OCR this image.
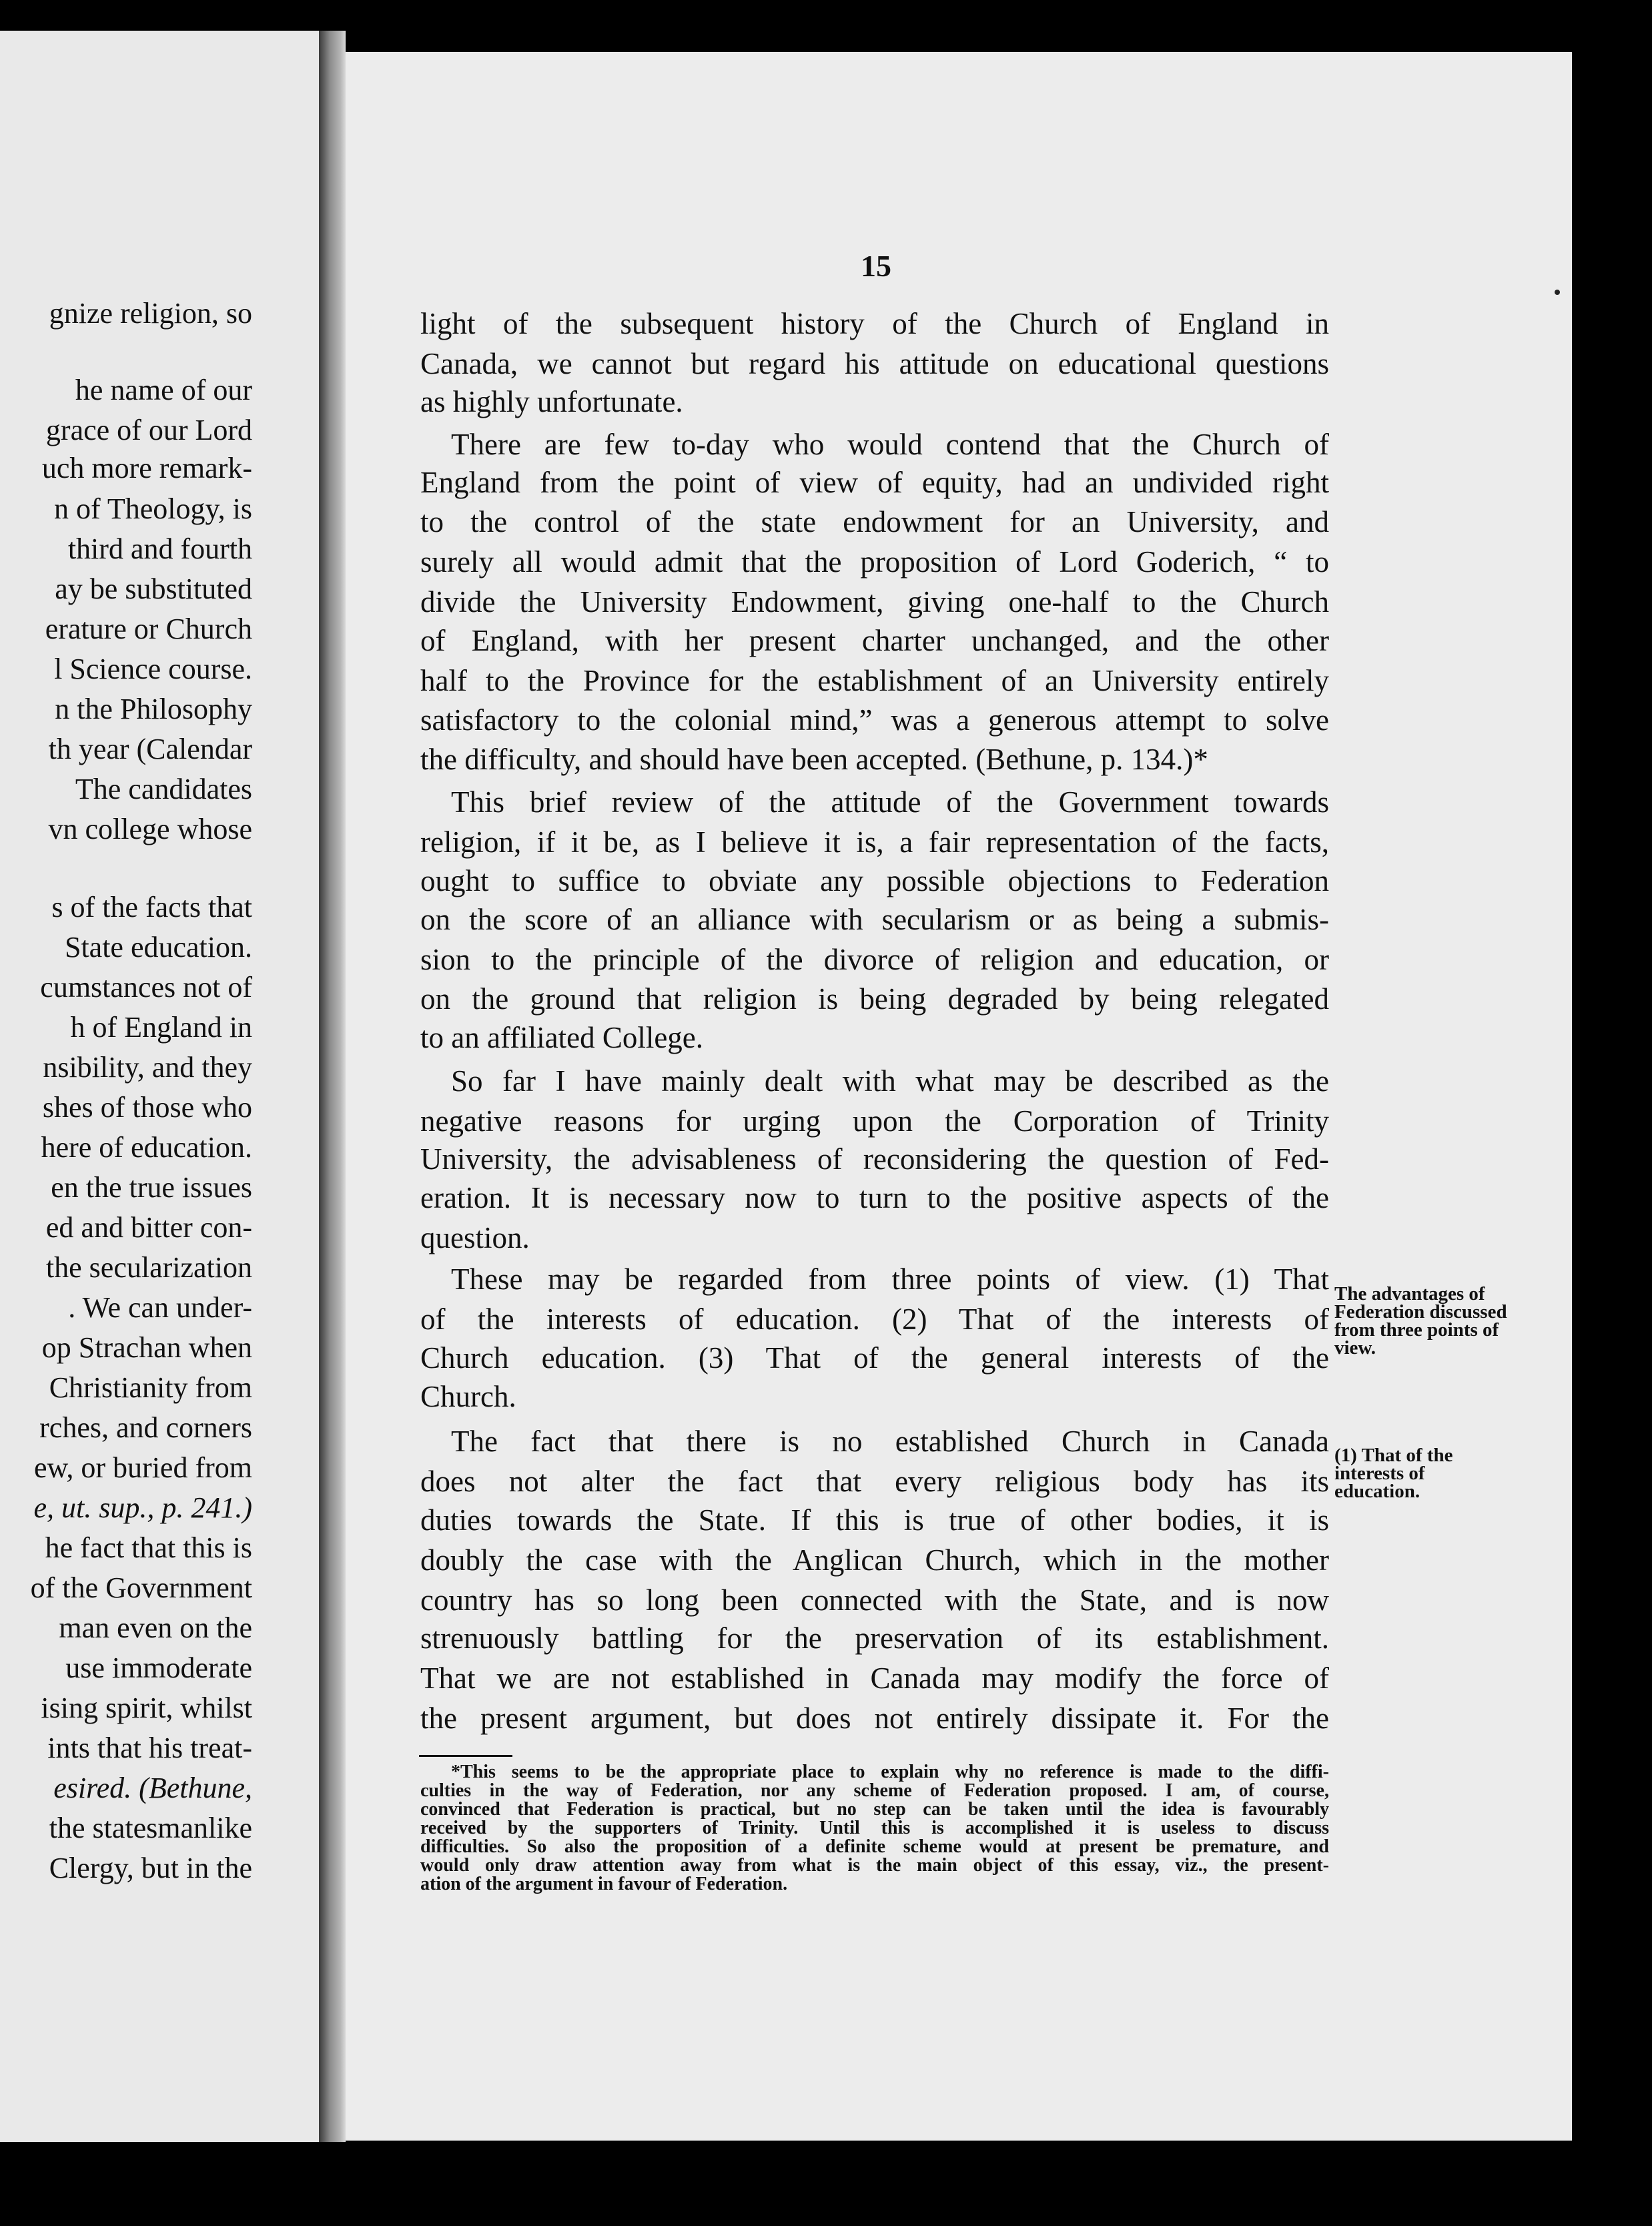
gnize religion, so
he name of our
grace of our Lord
uch more remark-
n of Theology, is
third and fourth
ay be substituted
erature or Church
l Science course.
n the Philosophy
th year (Calendar
The candidates
vn college whose
s of the facts that
State education.
cumstances not of
h of England in
nsibility, and they
shes of those who
here of education.
en the true issues
ed and bitter con-
the secularization
. We can under-
op Strachan when
Christianity from
rches, and corners
ew, or buried from
e, ut. sup., p. 241.)
he fact that this is
of the Government
man even on the
use immoderate
ising spirit, whilst
ints that his treat-
esired. (Bethune,
the statesmanlike
Clergy, but in the
15
light of the subsequent history of the Church of England in
Canada, we cannot but regard his attitude on educational questions
as highly unfortunate.
There are few to-day who would contend that the Church of
England from the point of view of equity, had an undivided right
to the control of the state endowment for an University, and
surely all would admit that the proposition of Lord Goderich, “ to
divide the University Endowment, giving one-half to the Church
of England, with her present charter unchanged, and the other
half to the Province for the establishment of an University entirely
satisfactory to the colonial mind,” was a generous attempt to solve
the difficulty, and should have been accepted. (Bethune, p. 134.)*
This brief review of the attitude of the Government towards
religion, if it be, as I believe it is, a fair representation of the facts,
ought to suffice to obviate any possible objections to Federation
on the score of an alliance with secularism or as being a submis-
sion to the principle of the divorce of religion and education, or
on the ground that religion is being degraded by being relegated
to an affiliated College.
So far I have mainly dealt with what may be described as the
negative reasons for urging upon the Corporation of Trinity
University, the advisableness of reconsidering the question of Fed-
eration. It is necessary now to turn to the positive aspects of the
question.
These may be regarded from three points of view. (1) That
of the interests of education. (2) That of the interests of
Church education. (3) That of the general interests of the
Church.
The fact that there is no established Church in Canada
does not alter the fact that every religious body has its
duties towards the State. If this is true of other bodies, it is
doubly the case with the Anglican Church, which in the mother
country has so long been connected with the State, and is now
strenuously battling for the preservation of its establishment.
That we are not established in Canada may modify the force of
the present argument, but does not entirely dissipate it. For the
The advantages of Federation discussed from three points of view.
(1) That of the interests of education.
*This seems to be the appropriate place to explain why no reference is made to the diffi-
culties in the way of Federation, nor any scheme of Federation proposed. I am, of course,
convinced that Federation is practical, but no step can be taken until the idea is favourably
received by the supporters of Trinity. Until this is accomplished it is useless to discuss
difficulties. So also the proposition of a definite scheme would at present be premature, and
would only draw attention away from what is the main object of this essay, viz., the present-
ation of the argument in favour of Federation.
